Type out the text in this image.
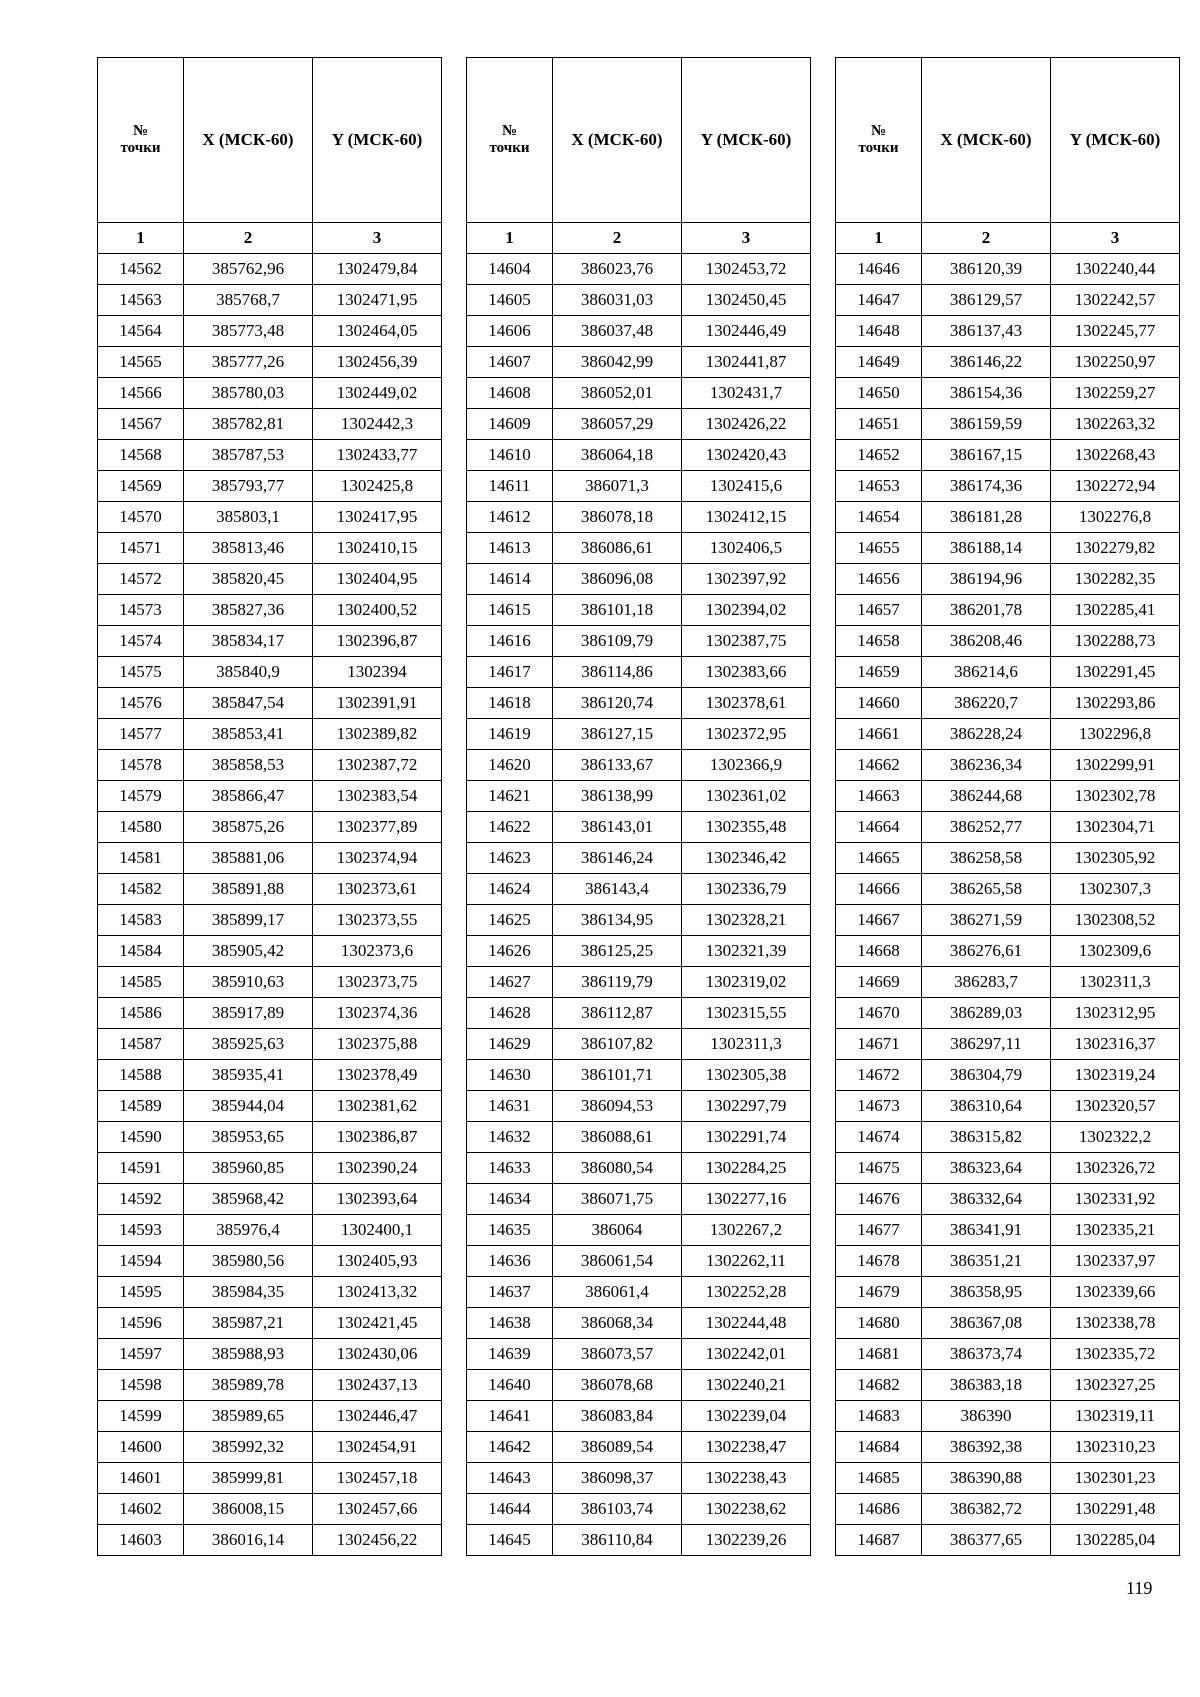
№
точки	X (МСК-60)	Y (МСК-60)
1	2	3
14562	385762,96	1302479,84
14563	385768,7	1302471,95
14564	385773,48	1302464,05
14565	385777,26	1302456,39
14566	385780,03	1302449,02
14567	385782,81	1302442,3
14568	385787,53	1302433,77
14569	385793,77	1302425,8
14570	385803,1	1302417,95
14571	385813,46	1302410,15
14572	385820,45	1302404,95
14573	385827,36	1302400,52
14574	385834,17	1302396,87
14575	385840,9	1302394
14576	385847,54	1302391,91
14577	385853,41	1302389,82
14578	385858,53	1302387,72
14579	385866,47	1302383,54
14580	385875,26	1302377,89
14581	385881,06	1302374,94
14582	385891,88	1302373,61
14583	385899,17	1302373,55
14584	385905,42	1302373,6
14585	385910,63	1302373,75
14586	385917,89	1302374,36
14587	385925,63	1302375,88
14588	385935,41	1302378,49
14589	385944,04	1302381,62
14590	385953,65	1302386,87
14591	385960,85	1302390,24
14592	385968,42	1302393,64
14593	385976,4	1302400,1
14594	385980,56	1302405,93
14595	385984,35	1302413,32
14596	385987,21	1302421,45
14597	385988,93	1302430,06
14598	385989,78	1302437,13
14599	385989,65	1302446,47
14600	385992,32	1302454,91
14601	385999,81	1302457,18
14602	386008,15	1302457,66
14603	386016,14	1302456,22
№
точки	X (МСК-60)	Y (МСК-60)
1	2	3
14604	386023,76	1302453,72
14605	386031,03	1302450,45
14606	386037,48	1302446,49
14607	386042,99	1302441,87
14608	386052,01	1302431,7
14609	386057,29	1302426,22
14610	386064,18	1302420,43
14611	386071,3	1302415,6
14612	386078,18	1302412,15
14613	386086,61	1302406,5
14614	386096,08	1302397,92
14615	386101,18	1302394,02
14616	386109,79	1302387,75
14617	386114,86	1302383,66
14618	386120,74	1302378,61
14619	386127,15	1302372,95
14620	386133,67	1302366,9
14621	386138,99	1302361,02
14622	386143,01	1302355,48
14623	386146,24	1302346,42
14624	386143,4	1302336,79
14625	386134,95	1302328,21
14626	386125,25	1302321,39
14627	386119,79	1302319,02
14628	386112,87	1302315,55
14629	386107,82	1302311,3
14630	386101,71	1302305,38
14631	386094,53	1302297,79
14632	386088,61	1302291,74
14633	386080,54	1302284,25
14634	386071,75	1302277,16
14635	386064	1302267,2
14636	386061,54	1302262,11
14637	386061,4	1302252,28
14638	386068,34	1302244,48
14639	386073,57	1302242,01
14640	386078,68	1302240,21
14641	386083,84	1302239,04
14642	386089,54	1302238,47
14643	386098,37	1302238,43
14644	386103,74	1302238,62
14645	386110,84	1302239,26
№
точки	X (МСК-60)	Y (МСК-60)
1	2	3
14646	386120,39	1302240,44
14647	386129,57	1302242,57
14648	386137,43	1302245,77
14649	386146,22	1302250,97
14650	386154,36	1302259,27
14651	386159,59	1302263,32
14652	386167,15	1302268,43
14653	386174,36	1302272,94
14654	386181,28	1302276,8
14655	386188,14	1302279,82
14656	386194,96	1302282,35
14657	386201,78	1302285,41
14658	386208,46	1302288,73
14659	386214,6	1302291,45
14660	386220,7	1302293,86
14661	386228,24	1302296,8
14662	386236,34	1302299,91
14663	386244,68	1302302,78
14664	386252,77	1302304,71
14665	386258,58	1302305,92
14666	386265,58	1302307,3
14667	386271,59	1302308,52
14668	386276,61	1302309,6
14669	386283,7	1302311,3
14670	386289,03	1302312,95
14671	386297,11	1302316,37
14672	386304,79	1302319,24
14673	386310,64	1302320,57
14674	386315,82	1302322,2
14675	386323,64	1302326,72
14676	386332,64	1302331,92
14677	386341,91	1302335,21
14678	386351,21	1302337,97
14679	386358,95	1302339,66
14680	386367,08	1302338,78
14681	386373,74	1302335,72
14682	386383,18	1302327,25
14683	386390	1302319,11
14684	386392,38	1302310,23
14685	386390,88	1302301,23
14686	386382,72	1302291,48
14687	386377,65	1302285,04
119
